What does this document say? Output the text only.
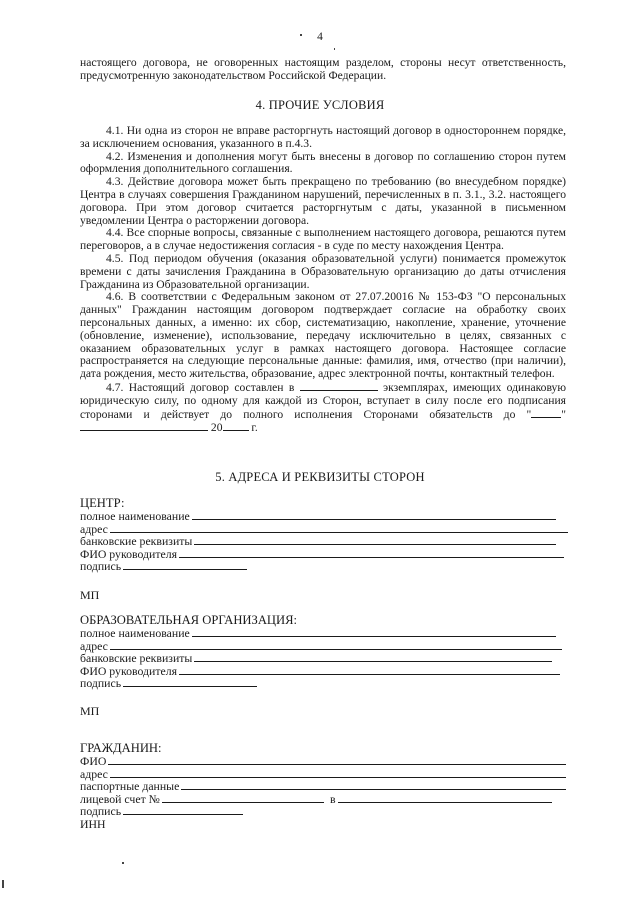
4
настоящего договора, не оговоренных настоящим разделом, стороны несут ответственность, предусмотренную законодательством Российской Федерации.
4. ПРОЧИЕ УСЛОВИЯ
4.1. Ни одна из сторон не вправе расторгнуть настоящий договор в одностороннем порядке, за исключением основания, указанного в п.4.3.
4.2. Изменения и дополнения могут быть внесены в договор по соглашению сторон путем оформления дополнительного соглашения.
4.3. Действие договора может быть прекращено по требованию (во внесудебном порядке) Центра в случаях совершения Гражданином нарушений, перечисленных в п. 3.1., 3.2. настоящего договора. При этом договор считается расторгнутым с даты, указанной в письменном уведомлении Центра о расторжении договора.
4.4. Все спорные вопросы, связанные с выполнением настоящего договора, решаются путем переговоров, а в случае недостижения согласия - в суде по месту нахождения Центра.
4.5. Под периодом обучения (оказания образовательной услуги) понимается промежуток времени с даты зачисления Гражданина в Образовательную организацию до даты отчисления Гражданина из Образовательной организации.
4.6. В соответствии с Федеральным законом от 27.07.20016 № 153-ФЗ "О персональных данных" Гражданин настоящим договором подтверждает согласие на обработку своих персональных данных, а именно: их сбор, систематизацию, накопление, хранение, уточнение (обновление, изменение), использование, передачу исключительно в целях, связанных с оказанием образовательных услуг в рамках настоящего договора. Настоящее согласие распространяется на следующие персональные данные: фамилия, имя, отчество (при наличии), дата рождения, место жительства, образование, адрес электронной почты, контактный телефон.
4.7. Настоящий договор составлен в	экземплярах, имеющих одинаковую юридическую силу, по одному для каждой из Сторон, вступает в силу после его подписания сторонами и действует до полного исполнения Сторонами обязательств до "	"  20 г.
5. АДРЕСА И РЕКВИЗИТЫ СТОРОН
ЦЕНТР:
полное наименование
адрес
банковские реквизиты
ФИО руководителя
подпись
МП
ОБРАЗОВАТЕЛЬНАЯ ОРГАНИЗАЦИЯ:
полное наименование
адрес
банковские реквизиты
ФИО руководителя
подпись
МП
ГРАЖДАНИН:
ФИО
адрес
паспортные данные
лицевой счет №	в
подпись
ИНН
